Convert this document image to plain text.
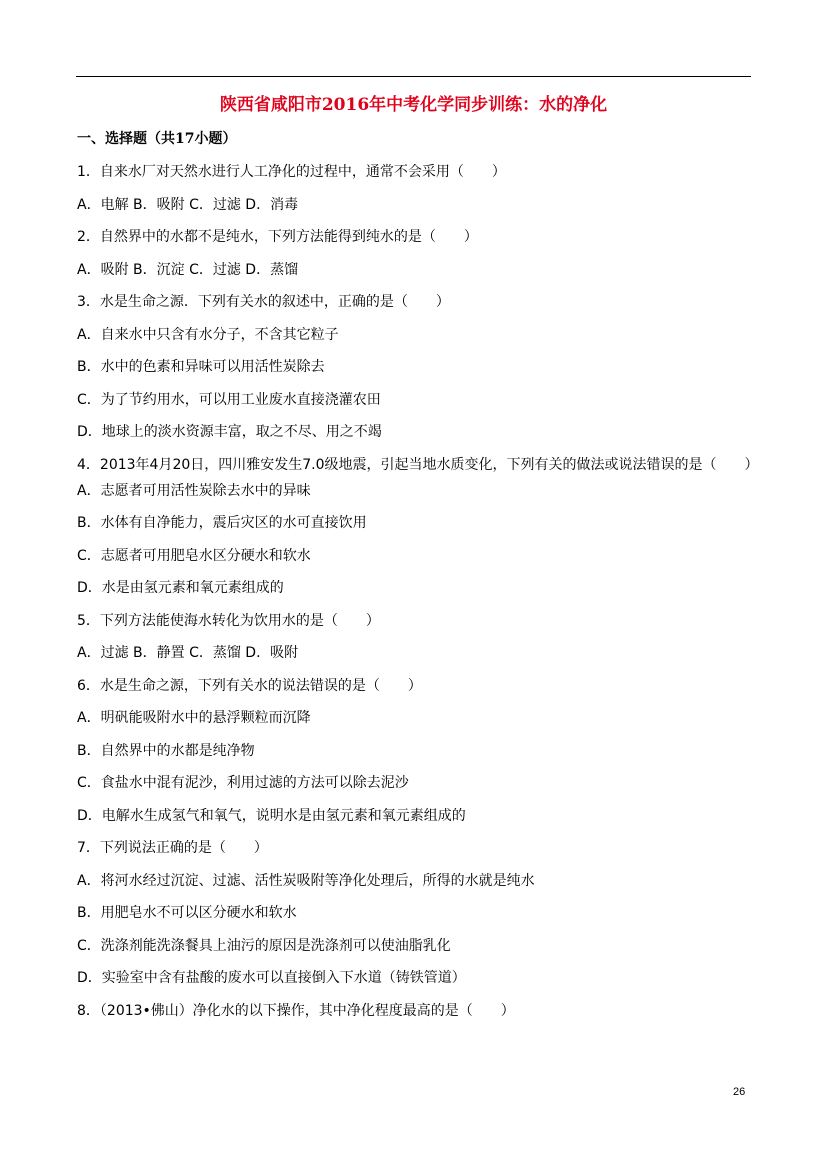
陕西省咸阳市2016年中考化学同步训练：水的净化
一、选择题（共17小题）
1．自来水厂对天然水进行人工净化的过程中，通常不会采用（　　）
A．电解 B．吸附 C．过滤 D．消毒
2．自然界中的水都不是纯水，下列方法能得到纯水的是（　　）
A．吸附 B．沉淀 C．过滤 D．蒸馏
3．水是生命之源．下列有关水的叙述中，正确的是（　　）
A．自来水中只含有水分子，不含其它粒子
B．水中的色素和异味可以用活性炭除去
C．为了节约用水，可以用工业废水直接浇灌农田
D．地球上的淡水资源丰富，取之不尽、用之不竭
4．2013年4月20日，四川雅安发生7.0级地震，引起当地水质变化，下列有关的做法或说法错误的是（　　）
A．志愿者可用活性炭除去水中的异味
B．水体有自净能力，震后灾区的水可直接饮用
C．志愿者可用肥皂水区分硬水和软水
D．水是由氢元素和氧元素组成的
5．下列方法能使海水转化为饮用水的是（　　）
A．过滤 B．静置 C．蒸馏 D．吸附
6．水是生命之源，下列有关水的说法错误的是（　　）
A．明矾能吸附水中的悬浮颗粒而沉降
B．自然界中的水都是纯净物
C．食盐水中混有泥沙，利用过滤的方法可以除去泥沙
D．电解水生成氢气和氧气，说明水是由氢元素和氧元素组成的
7．下列说法正确的是（　　）
A．将河水经过沉淀、过滤、活性炭吸附等净化处理后，所得的水就是纯水
B．用肥皂水不可以区分硬水和软水
C．洗涤剂能洗涤餐具上油污的原因是洗涤剂可以使油脂乳化
D．实验室中含有盐酸的废水可以直接倒入下水道（铸铁管道）
8．（2013•佛山）净化水的以下操作，其中净化程度最高的是（　　）
26
